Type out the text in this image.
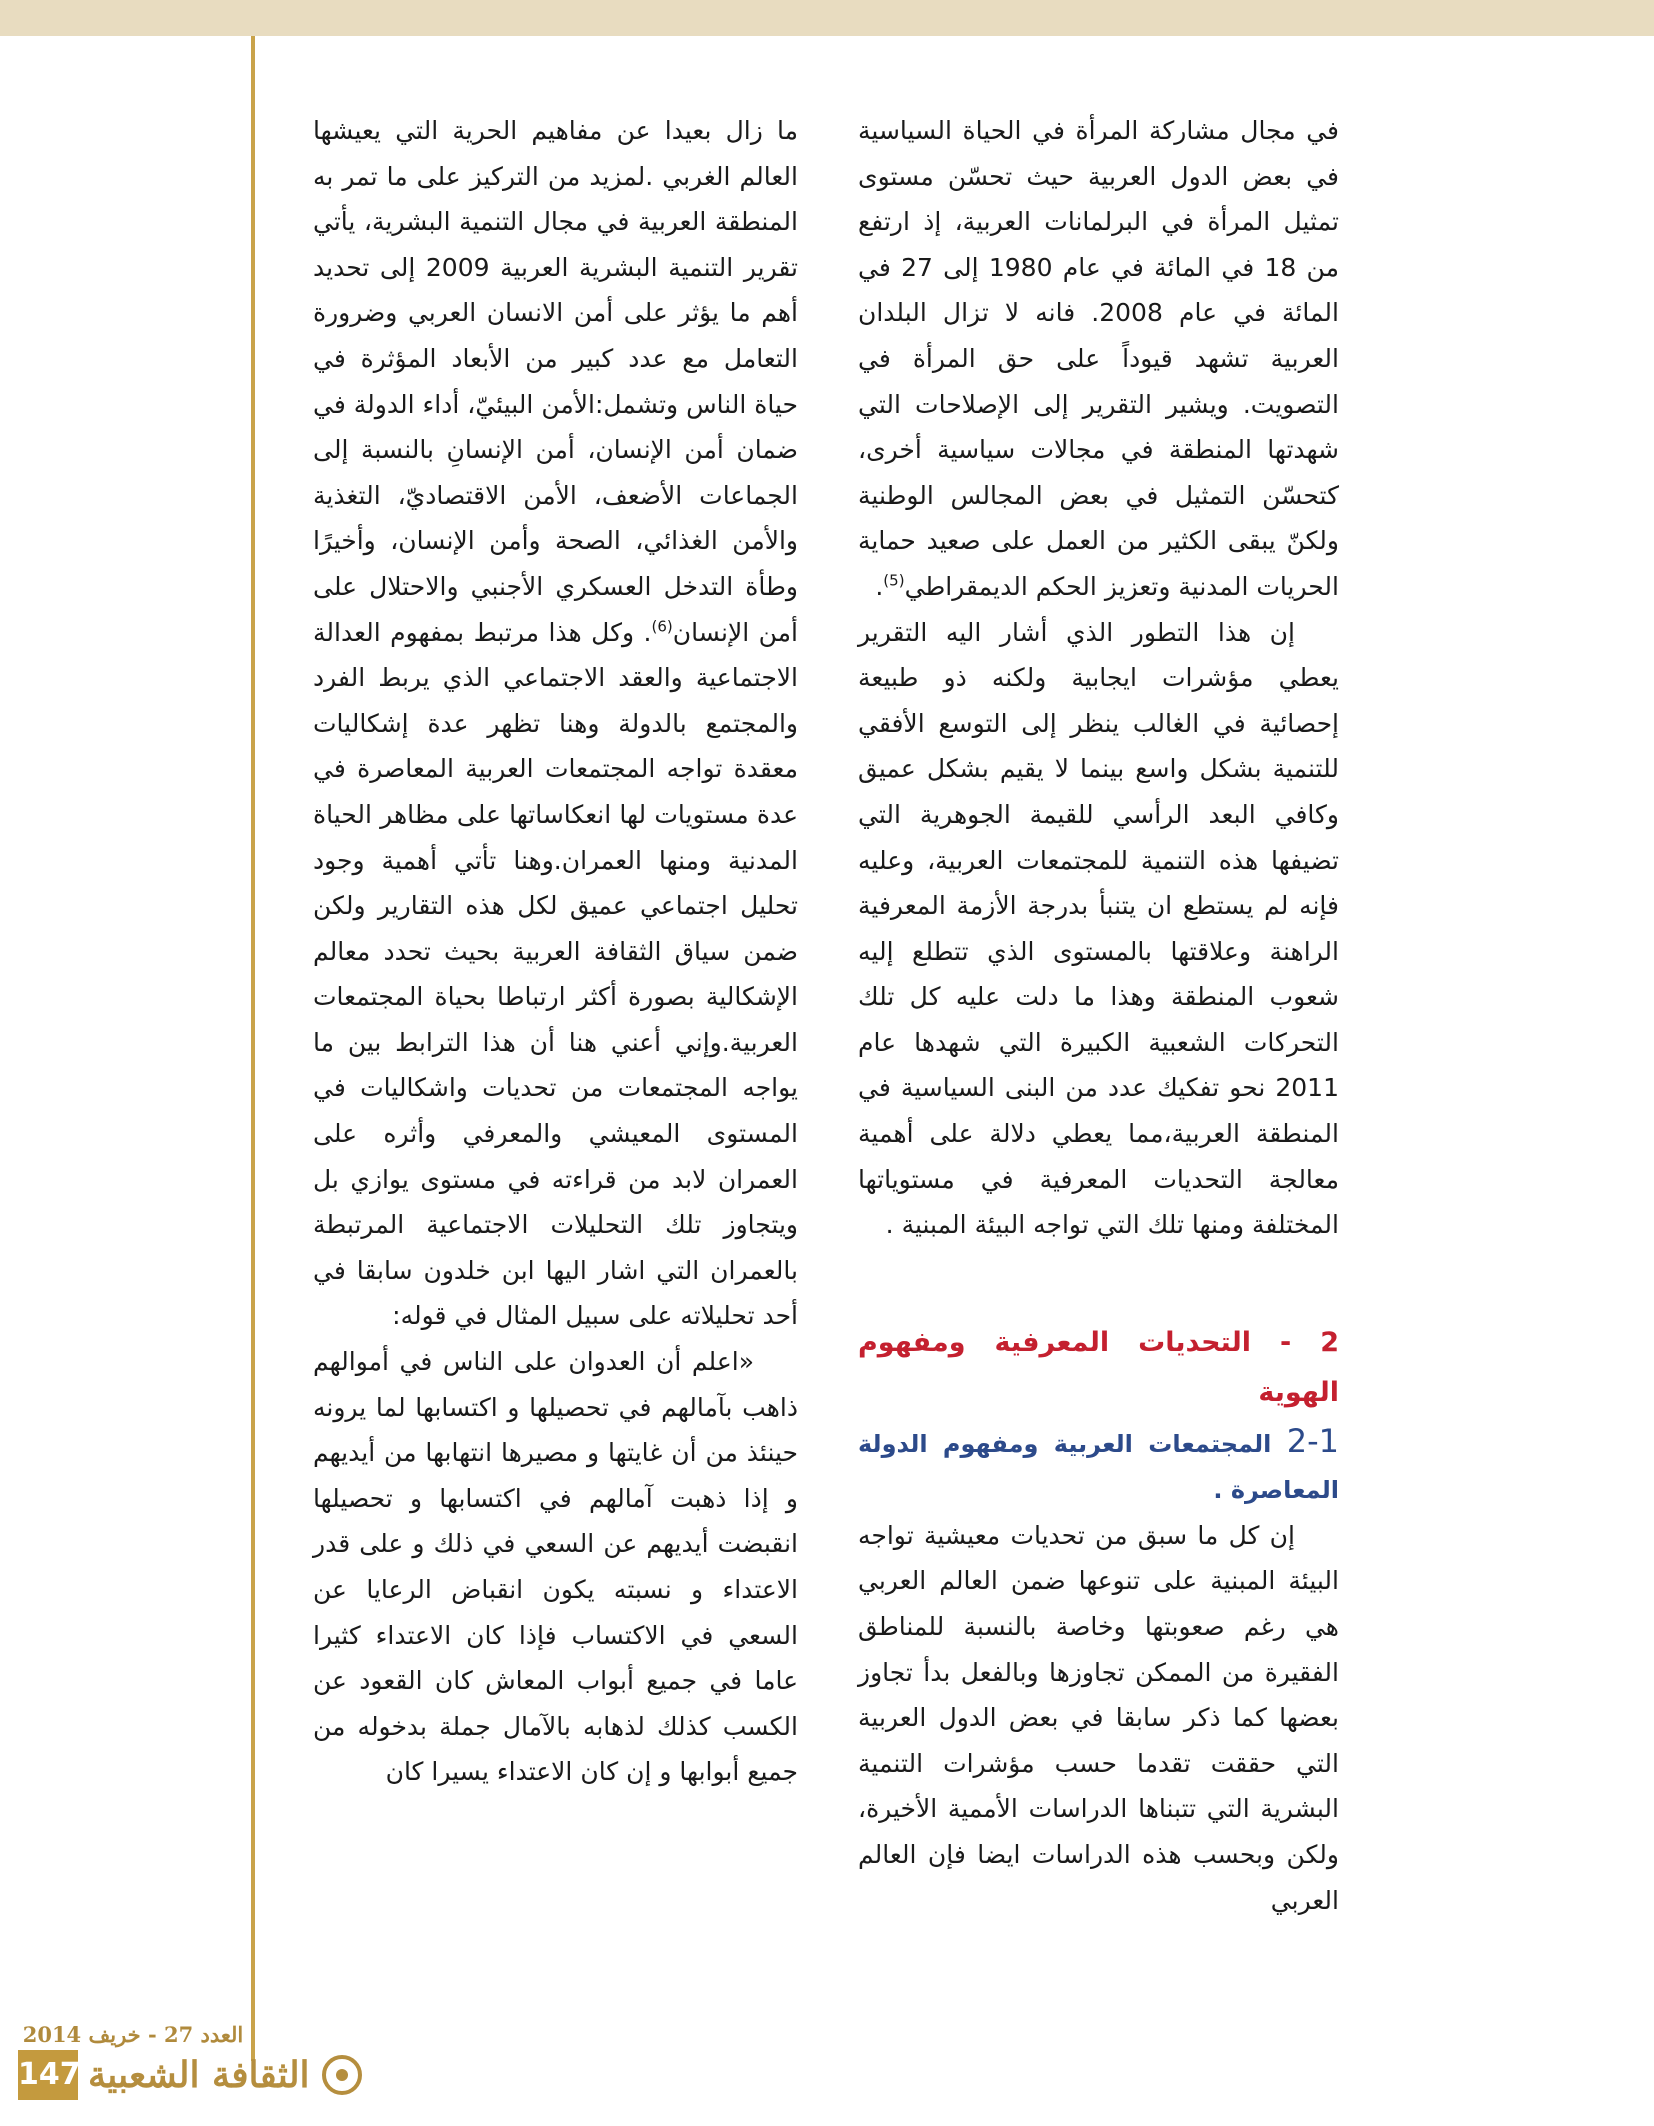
في مجال مشاركة المرأة في الحياة السياسية في بعض الدول العربية حيث تحسّن مستوى تمثيل المرأة في البرلمانات العربية، إذ ارتفع من 18 في المائة في عام 1980 إلى 27 في المائة في عام 2008. فانه لا تزال البلدان العربية تشهد قيوداً على حق المرأة في التصويت. ويشير التقرير إلى الإصلاحات التي شهدتها المنطقة في مجالات سياسية أخرى، كتحسّن التمثيل في بعض المجالس الوطنية ولكنّ يبقى الكثير من العمل على صعيد حماية الحريات المدنية وتعزيز الحكم الديمقراطي$^{(5)}$.

إن هذا التطور الذي أشار اليه التقرير يعطي مؤشرات ايجابية ولكنه ذو طبيعة إحصائية في الغالب ينظر إلى التوسع الأفقي للتنمية بشكل واسع بينما لا يقيم بشكل عميق وكافي البعد الرأسي للقيمة الجوهرية التي تضيفها هذه التنمية للمجتمعات العربية، وعليه فإنه لم يستطع ان يتنبأ بدرجة الأزمة المعرفية الراهنة وعلاقتها بالمستوى الذي تتطلع إليه شعوب المنطقة وهذا ما دلت عليه كل تلك التحركات الشعبية الكبيرة التي شهدها عام 2011 نحو تفكيك عدد من البنى السياسية في المنطقة العربية،مما يعطي دلالة على أهمية معالجة التحديات المعرفية في مستوياتها المختلفة ومنها تلك التي تواجه البيئة المبنية .

2 - التحديات المعرفية ومفهوم الهوية

2-1 المجتمعات العربية ومفهوم الدولة المعاصرة .

إن كل ما سبق من تحديات معيشية تواجه البيئة المبنية على تنوعها ضمن العالم العربي هي رغم صعوبتها وخاصة بالنسبة للمناطق الفقيرة من الممكن تجاوزها وبالفعل بدأ تجاوز بعضها كما ذكر سابقا في بعض الدول العربية التي حققت تقدما حسب مؤشرات التنمية البشرية التي تتبناها الدراسات الأممية الأخيرة، ولكن وبحسب هذه الدراسات ايضا فإن العالم العربي

ما زال بعيدا عن مفاهيم الحرية التي يعيشها العالم الغربي .لمزيد من التركيز على ما تمر به المنطقة العربية في مجال التنمية البشرية، يأتي تقرير التنمية البشرية العربية 2009 إلى تحديد أهم ما يؤثر على أمن الانسان العربي وضرورة التعامل مع عدد كبير من الأبعاد المؤثرة في حياة الناس وتشمل:الأمن البيئيّ، أداء الدولة في ضمان أمن الإنسان، أمن الإنسانِ بالنسبة إلى الجماعات الأضعف، الأمن الاقتصاديّ، التغذية والأمن الغذائي، الصحة وأمن الإنسان، وأخيرًا وطأة التدخل العسكري الأجنبي والاحتلال على أمن الإنسان$^{(6)}$. وكل هذا مرتبط بمفهوم العدالة الاجتماعية والعقد الاجتماعي الذي يربط الفرد والمجتمع بالدولة وهنا تظهر عدة إشكاليات معقدة تواجه المجتمعات العربية المعاصرة في عدة مستويات لها انعكاساتها على مظاهر الحياة المدنية ومنها العمران.وهنا تأتي أهمية وجود تحليل اجتماعي عميق لكل هذه التقارير ولكن ضمن سياق الثقافة العربية بحيث تحدد معالم الإشكالية بصورة أكثر ارتباطا بحياة المجتمعات العربية.وإني أعني هنا أن هذا الترابط بين ما يواجه المجتمعات من تحديات واشكاليات في المستوى المعيشي والمعرفي وأثره على العمران لابد من قراءته في مستوى يوازي بل ويتجاوز تلك التحليلات الاجتماعية المرتبطة بالعمران التي اشار اليها ابن خلدون سابقا في أحد تحليلاته على سبيل المثال في قوله:

«اعلم أن العدوان على الناس في أموالهم ذاهب بآمالهم في تحصيلها و اكتسابها لما يرونه حينئذ من أن غايتها و مصيرها انتهابها من أيديهم و إذا ذهبت آمالهم في اكتسابها و تحصيلها انقبضت أيديهم عن السعي في ذلك و على قدر الاعتداء و نسبته يكون انقباض الرعايا عن السعي في الاكتساب فإذا كان الاعتداء كثيرا عاما في جميع أبواب المعاش كان القعود عن الكسب كذلك لذهابه بالآمال جملة بدخوله من جميع أبوابها و إن كان الاعتداء يسيرا كان

العدد 27 - خريف 2014
147 الثقافة الشعبية
